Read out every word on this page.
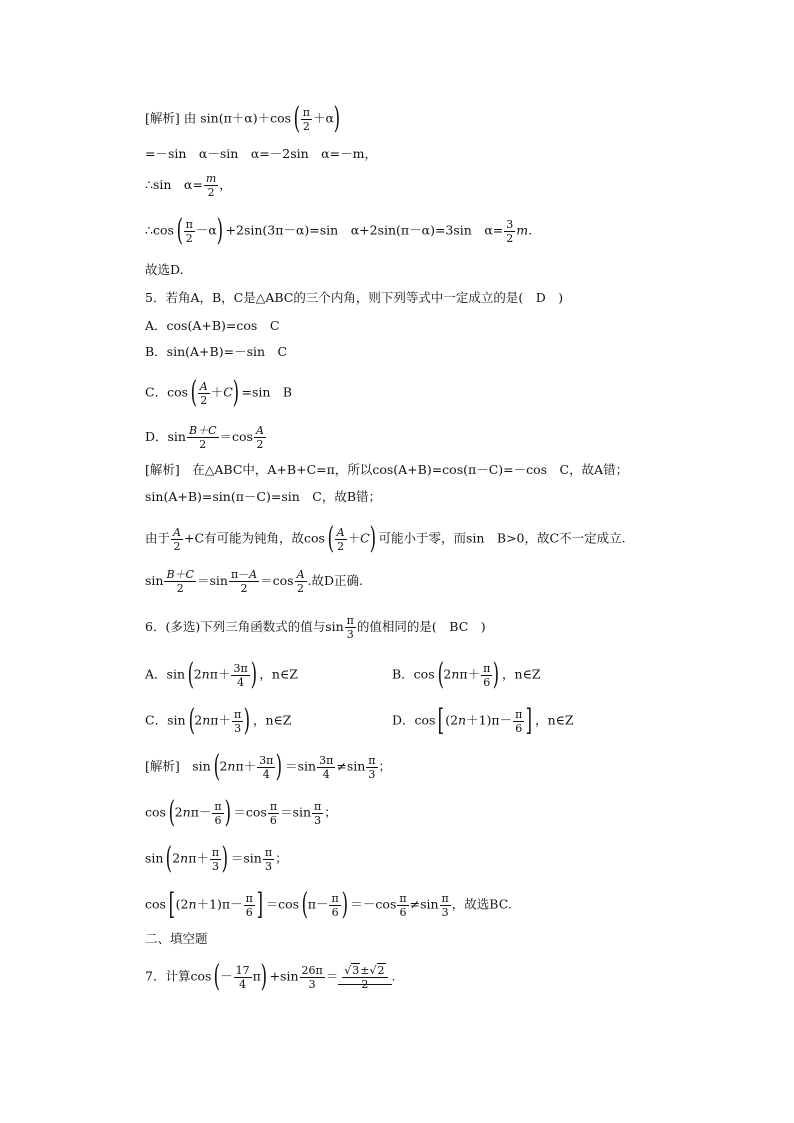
[解析] 由 $\sin(\pi+\alpha)+\cos( \frac{\pi}{2} +\alpha)$
=－sin　α－sin　α=－2sin　α=－m，
∴sin　$\alpha= \frac{m}{2}$ ，
∴cos( $\frac{\pi}{2} -\alpha) +2\sin(3\pi-\alpha)=\sin$　α+2sin(π－α)=3sin　$\alpha= \frac{3}{2} m$.
故选D.
5．若角A，B，C是△ABC的三个内角，则下列等式中一定成立的是(　D　)
A．cos(A+B)=cos　C
B．sin(A+B)=－sin　C
C．$\cos( \frac{A}{2} +C) =\sin$　B
D．$\sin \frac{B+C}{2} =\cos \frac{A}{2}$
[解析]　 在△ABC中，A+B+C=π，所以cos(A+B)=cos(π－C)=－cos　C，故A错；
sin(A+B)=sin(π－C)=sin　C，故B错；
由于 $\frac{A}{2} +C$有可能为钝角，故$\cos( \frac{A}{2} +C)$ 可能小于零，而sin　B>0，故C不一定成立.
$\sin \frac{B+C}{2} =\sin \frac{\pi-A}{2} =\cos \frac{A}{2}$ .故D正确.
6．(多选)下列三角函数式的值与$\sin \frac{\pi}{3}$ 的值相同的是(　BC　)
A．$\sin(2n\pi+ \frac{3\pi}{4}$ ) ，n∈Z	B．$\cos(2n\pi+ \frac{\pi}{6}$ ) ，n∈Z
C．$\sin(2n\pi+ \frac{\pi}{3}$ ) ，n∈Z	D．$\cos[(2n+1)\pi- \frac{\pi}{6}$ ] ，n∈Z
[解析]　$\sin(2n\pi+ \frac{3\pi}{4}$ ) $=\sin \frac{3\pi}{4} \ne\sin \frac{\pi}{3}$ ；
$\cos(2n\pi- \frac{\pi}{6}$ ) $=\cos \frac{\pi}{6} =\sin \frac{\pi}{3}$ ；
$\sin(2n\pi+ \frac{\pi}{3}$ ) $=\sin \frac{\pi}{3}$ ；
$\cos[(2n+1)\pi- \frac{\pi}{6}$ ] $=\cos(\pi- \frac{\pi}{6}$ ) $=-\cos \frac{\pi}{6} \ne\sin \frac{\pi}{3}$ ，故选BC.
二、填空题
7．计算$\cos(- \frac{17}{4} \pi) +\sin \frac{26\pi}{3} = \frac{√3\pm√2}{2}$ .
